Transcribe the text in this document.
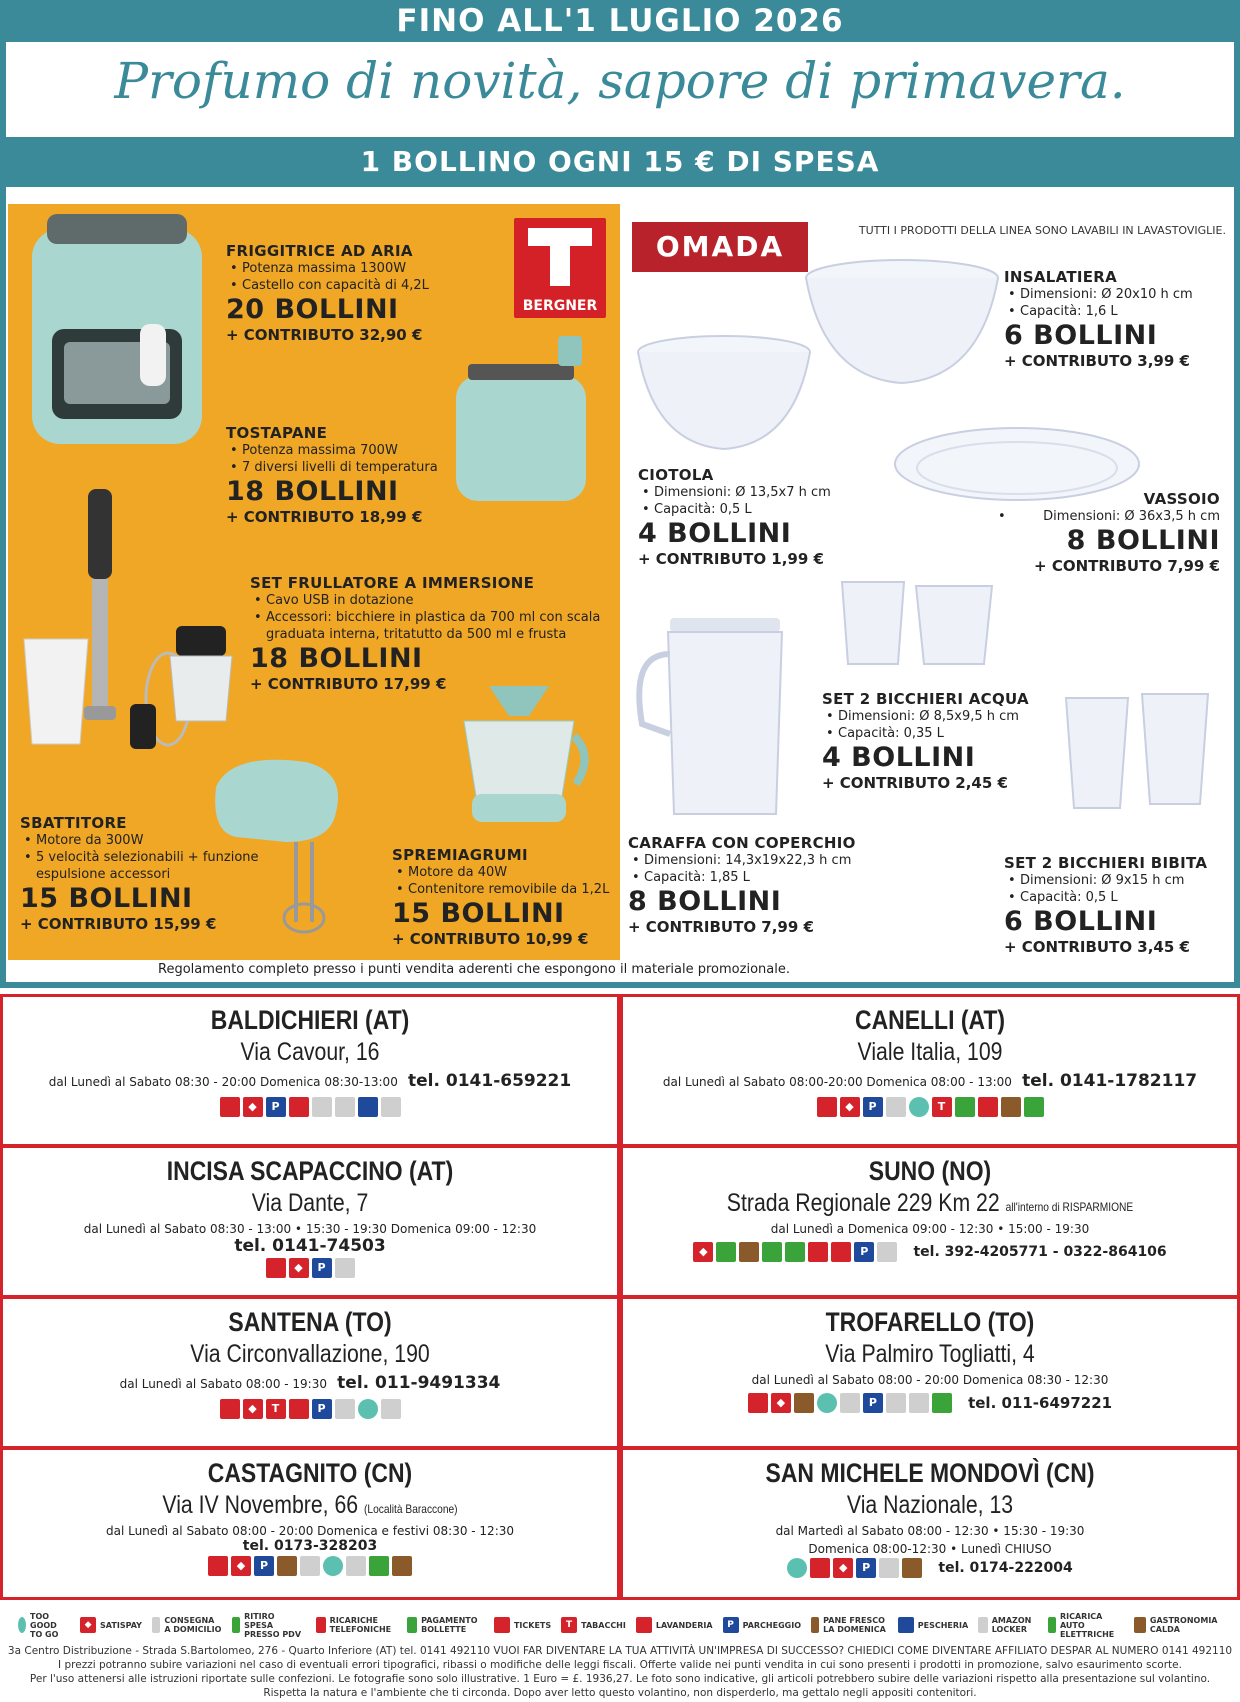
FINO ALL'1 LUGLIO 2026
Profumo di novità, sapore di primavera.
1 BOLLINO OGNI 15 € DI SPESA
BERGNER
FRIGGITRICE AD ARIA
• Potenza massima 1300W
• Castello con capacità di 4,2L
20 BOLLINI
+ CONTRIBUTO 32,90 €
TOSTAPANE
• Potenza massima 700W
• 7 diversi livelli di temperatura
18 BOLLINI
+ CONTRIBUTO 18,99 €
SET FRULLATORE A IMMERSIONE
• Cavo USB in dotazione
• Accessori: bicchiere in plastica da 700 ml con scala graduata interna, tritatutto da 500 ml e frusta
18 BOLLINI
+ CONTRIBUTO 17,99 €
SBATTITORE
• Motore da 300W
• 5 velocità selezionabili + funzione espulsione accessori
15 BOLLINI
+ CONTRIBUTO 15,99 €
SPREMIAGRUMI
• Motore da 40W
• Contenitore removibile da 1,2L
15 BOLLINI
+ CONTRIBUTO 10,99 €
OMADA	TUTTI I PRODOTTI DELLA LINEA SONO LAVABILI IN LAVASTOVIGLIE.
INSALATIERA
• Dimensioni: Ø 20x10 h cm
• Capacità: 1,6 L
6 BOLLINI
+ CONTRIBUTO 3,99 €
CIOTOLA
• Dimensioni: Ø 13,5x7 h cm
• Capacità: 0,5 L
4 BOLLINI
+ CONTRIBUTO 1,99 €
VASSOIO
• Dimensioni: Ø 36x3,5 h cm
8 BOLLINI
+ CONTRIBUTO 7,99 €
SET 2 BICCHIERI ACQUA
• Dimensioni: Ø 8,5x9,5 h cm
• Capacità: 0,35 L
4 BOLLINI
+ CONTRIBUTO 2,45 €
CARAFFA CON COPERCHIO
• Dimensioni: 14,3x19x22,3 h cm
• Capacità: 1,85 L
8 BOLLINI
+ CONTRIBUTO 7,99 €
SET 2 BICCHIERI BIBITA
• Dimensioni: Ø 9x15 h cm
• Capacità: 0,5 L
6 BOLLINI
+ CONTRIBUTO 3,45 €
Regolamento completo presso i punti vendita aderenti che espongono il materiale promozionale.
BALDICHIERI (AT)
Via Cavour, 16
dal Lunedì al Sabato 08:30 - 20:00 Domenica 08:30-13:00 tel. 0141-659221
◆	P
CANELLI (AT)
Viale Italia, 109
dal Lunedì al Sabato 08:00-20:00 Domenica 08:00 - 13:00 tel. 0141-1782117
◆	P	T
INCISA SCAPACCINO (AT)
Via Dante, 7
dal Lunedì al Sabato 08:30 - 13:00 • 15:30 - 19:30 Domenica 09:00 - 12:30
tel. 0141-74503
◆	P
SUNO (NO)
Strada Regionale 229 Km 22 all'interno di RISPARMIONE
dal Lunedì a Domenica 09:00 - 12:30 • 15:00 - 19:30
◆	P
	tel. 392-4205771 - 0322-864106
SANTENA (TO)
Via Circonvallazione, 190
dal Lunedì al Sabato 08:00 - 19:30 tel. 011-9491334
◆	T	P
TROFARELLO (TO)
Via Palmiro Togliatti, 4
dal Lunedì al Sabato 08:00 - 20:00 Domenica 08:30 - 12:30
◆	P
	tel. 011-6497221
CASTAGNITO (CN)
Via IV Novembre, 66 (Località Baraccone)
dal Lunedì al Sabato 08:00 - 20:00 Domenica e festivi 08:30 - 12:30
tel. 0173-328203
◆	P
SAN MICHELE MONDOVÌ (CN)
Via Nazionale, 13
dal Martedì al Sabato 08:00 - 12:30 • 15:30 - 19:30
Domenica 08:00-12:30 • Lunedì CHIUSO
◆	P
	tel. 0174-222004
TOO GOOD TO GO
◆	SATISPAY	CONSEGNA A DOMICILIO
RITIRO SPESA PRESSO PDV
RICARICHE TELEFONICHE
PAGAMENTO BOLLETTE	TICKETS	T	TABACCHI	LAVANDERIA	P	PARCHEGGIO	PANE FRESCO LA DOMENICA	PESCHERIA	AMAZON LOCKER
RICARICA AUTO ELETTRICHE
GASTRONOMIA CALDA
3a Centro Distribuzione - Strada S.Bartolomeo, 276 - Quarto Inferiore (AT) tel. 0141 492110 VUOI FAR DIVENTARE LA TUA ATTIVITÀ UN'IMPRESA DI SUCCESSO? CHIEDICI COME DIVENTARE AFFILIATO DESPAR AL NUMERO 0141 492110
I prezzi potranno subire variazioni nel caso di eventuali errori tipografici, ribassi o modifiche delle leggi fiscali. Offerte valide nei punti vendita in cui sono presenti i prodotti in promozione, salvo esaurimento scorte.
Per l'uso attenersi alle istruzioni riportate sulle confezioni. Le fotografie sono solo illustrative. 1 Euro = £. 1936,27. Le foto sono indicative, gli articoli potrebbero subire delle variazioni rispetto alla presentazione sul volantino.
Rispetta la natura e l'ambiente che ti circonda. Dopo aver letto questo volantino, non disperderlo, ma gettalo negli appositi contenitori.
